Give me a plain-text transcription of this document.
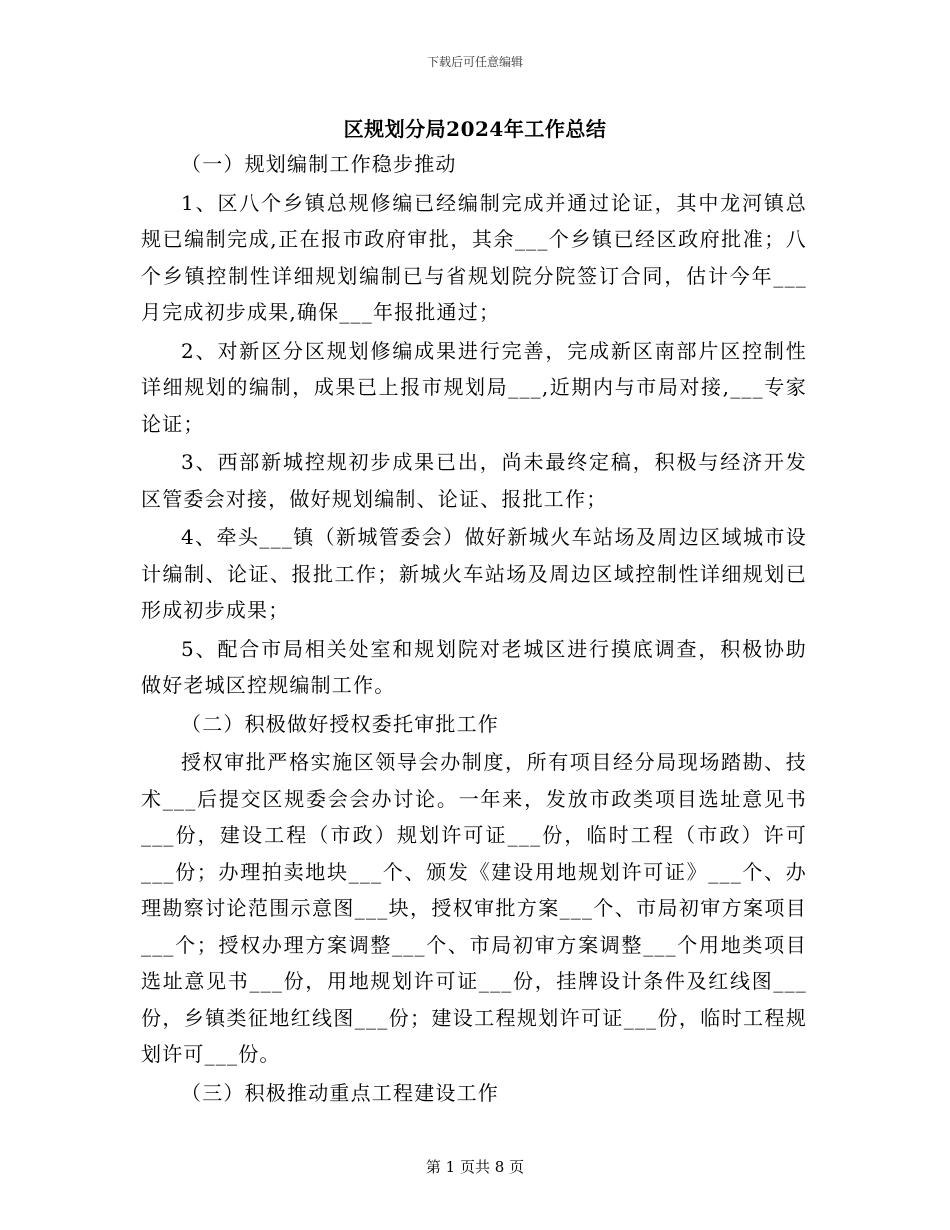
下载后可任意编辑
区规划分局2024年工作总结

（一）规划编制工作稳步推动

1、区八个乡镇总规修编已经编制完成并通过论证，其中龙河镇总规已编制完成,正在报市政府审批，其余___个乡镇已经区政府批准；八个乡镇控制性详细规划编制已与省规划院分院签订合同，估计今年___月完成初步成果,确保___年报批通过；

2、对新区分区规划修编成果进行完善，完成新区南部片区控制性详细规划的编制，成果已上报市规划局___,近期内与市局对接,___专家论证；

3、西部新城控规初步成果已出，尚未最终定稿，积极与经济开发区管委会对接，做好规划编制、论证、报批工作；

4、牵头___镇（新城管委会）做好新城火车站场及周边区域城市设计编制、论证、报批工作；新城火车站场及周边区域控制性详细规划已形成初步成果；

5、配合市局相关处室和规划院对老城区进行摸底调查，积极协助做好老城区控规编制工作。

（二）积极做好授权委托审批工作

授权审批严格实施区领导会办制度，所有项目经分局现场踏勘、技术___后提交区规委会会办讨论。一年来，发放市政类项目选址意见书___份，建设工程（市政）规划许可证___份，临时工程（市政）许可___份；办理拍卖地块___个、颁发《建设用地规划许可证》___个、办理勘察讨论范围示意图___块，授权审批方案___个、市局初审方案项目___个；授权办理方案调整___个、市局初审方案调整___个用地类项目选址意见书___份，用地规划许可证___份，挂牌设计条件及红线图___份，乡镇类征地红线图___份；建设工程规划许可证___份，临时工程规划许可___份。

（三）积极推动重点工程建设工作

第 1 页共 8 页
